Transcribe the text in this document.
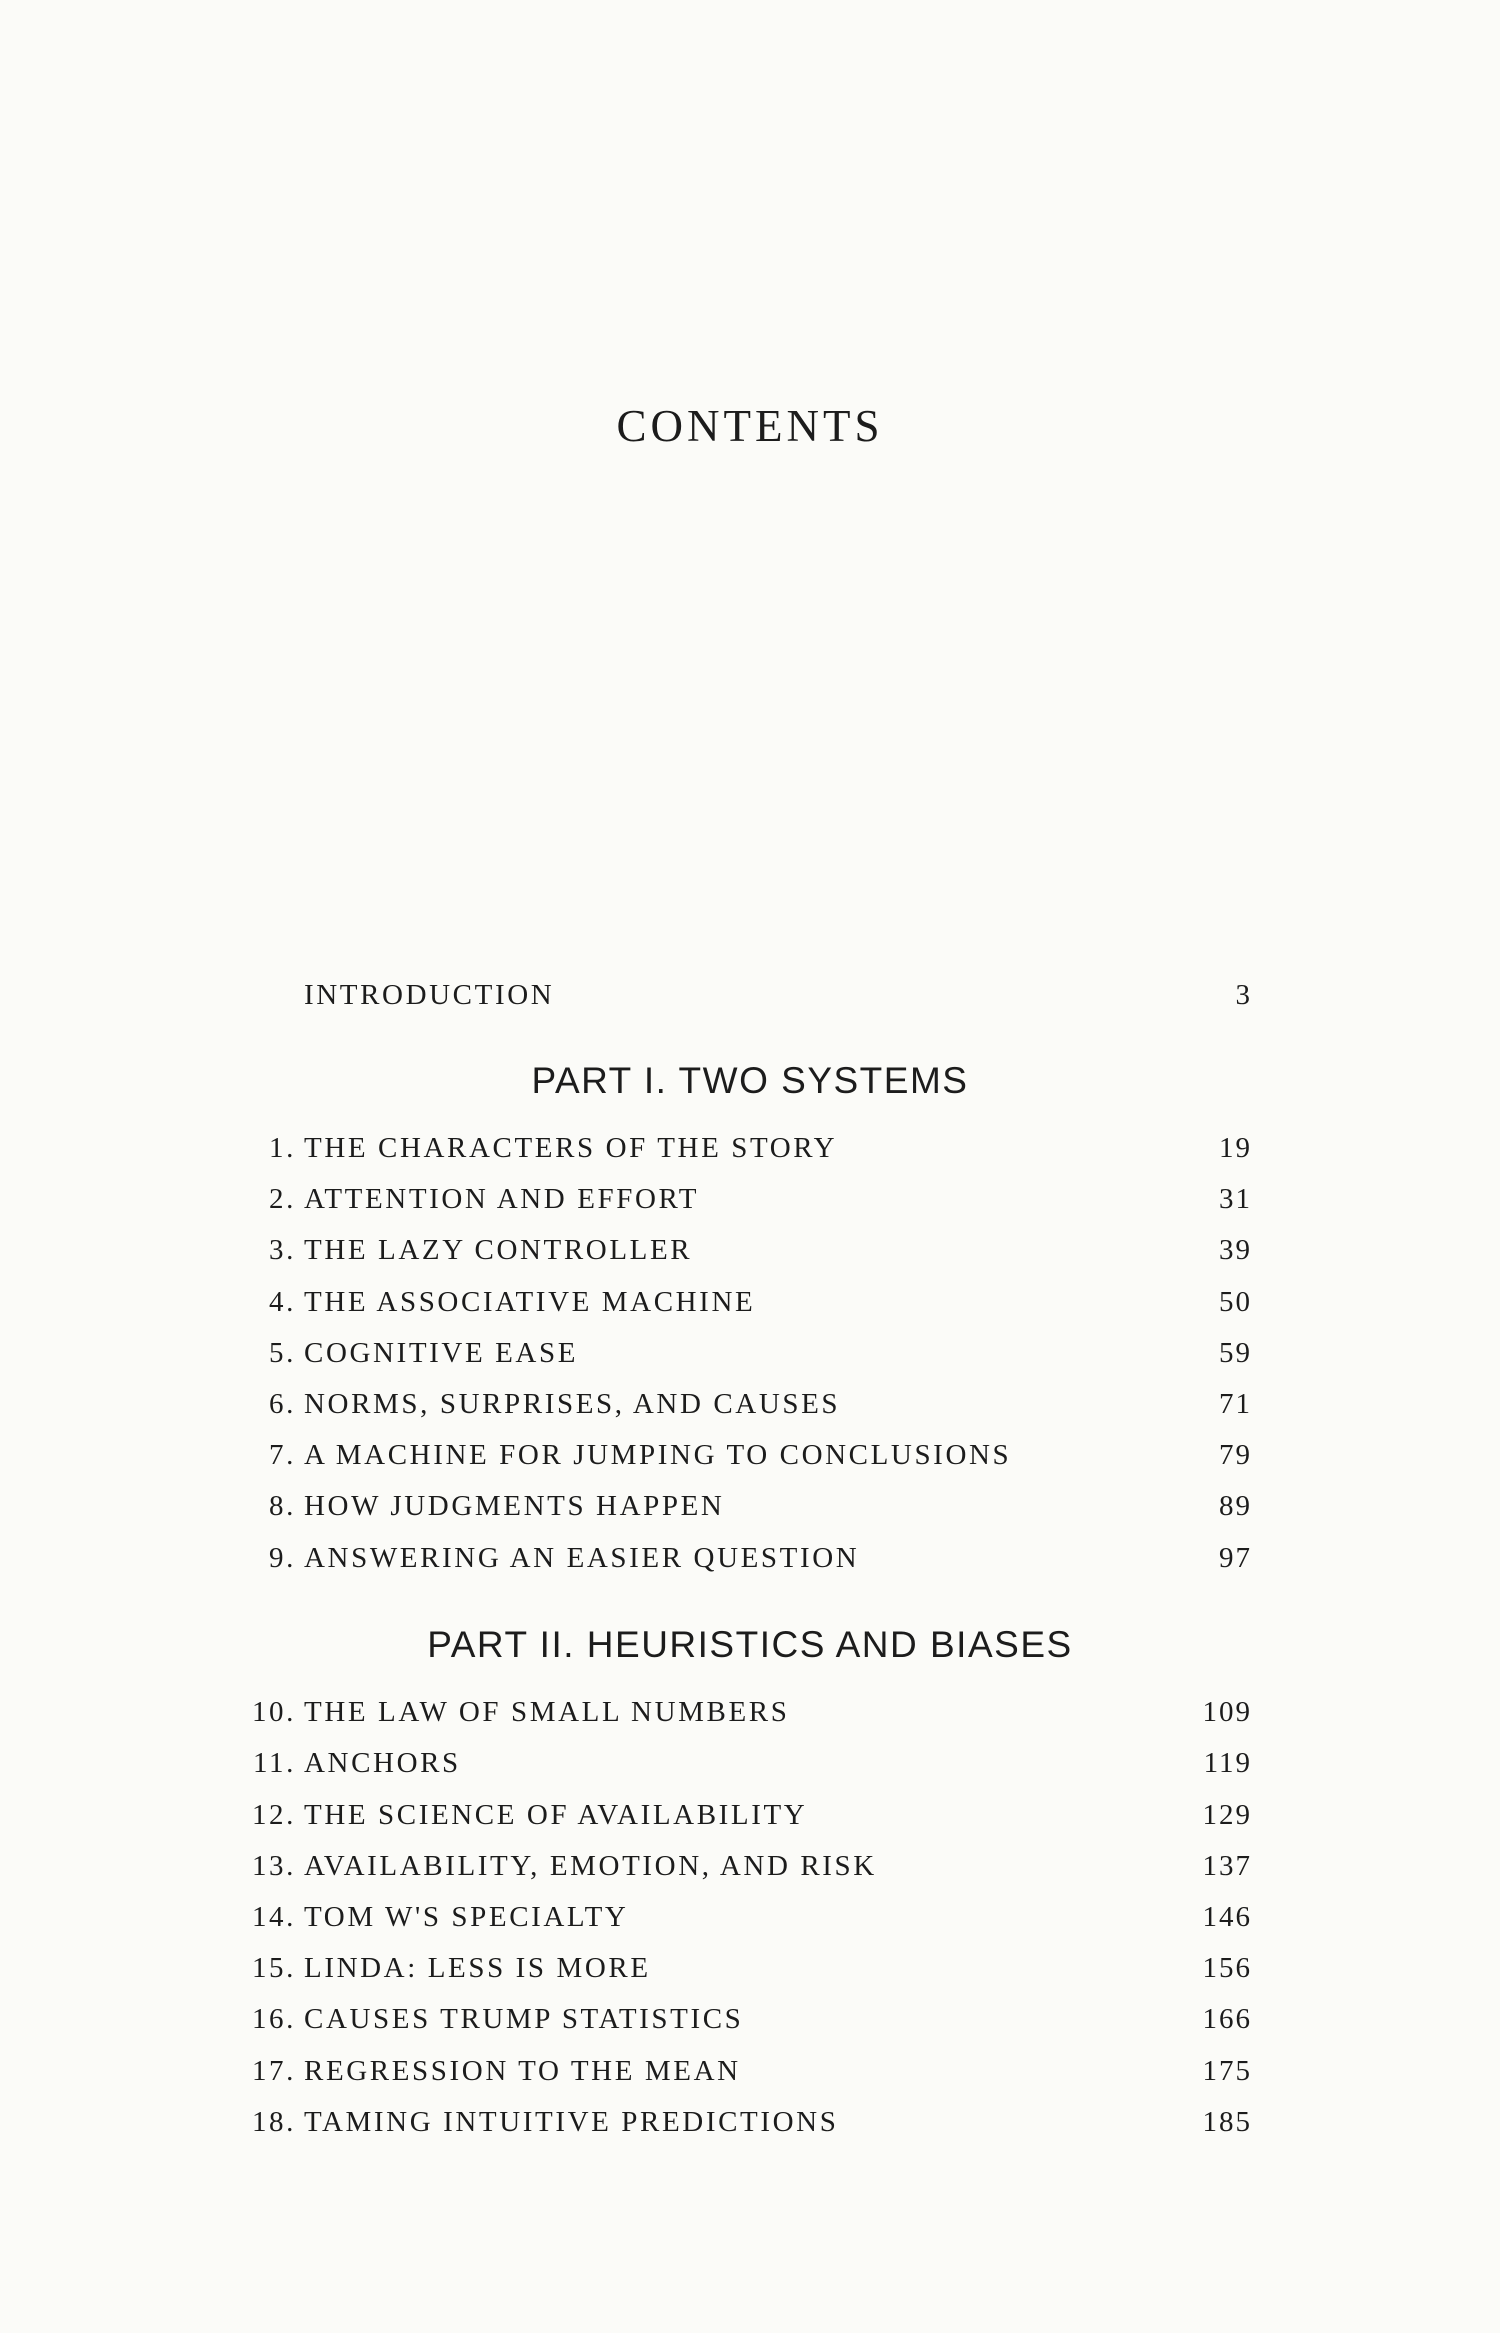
CONTENTS
INTRODUCTION	3
PART I. TWO SYSTEMS
1. THE CHARACTERS OF THE STORY	19
2. ATTENTION AND EFFORT	31
3. THE LAZY CONTROLLER	39
4. THE ASSOCIATIVE MACHINE	50
5. COGNITIVE EASE	59
6. NORMS, SURPRISES, AND CAUSES	71
7. A MACHINE FOR JUMPING TO CONCLUSIONS	79
8. HOW JUDGMENTS HAPPEN	89
9. ANSWERING AN EASIER QUESTION	97
PART II. HEURISTICS AND BIASES
10. THE LAW OF SMALL NUMBERS	109
11. ANCHORS	119
12. THE SCIENCE OF AVAILABILITY	129
13. AVAILABILITY, EMOTION, AND RISK	137
14. TOM W'S SPECIALTY	146
15. LINDA: LESS IS MORE	156
16. CAUSES TRUMP STATISTICS	166
17. REGRESSION TO THE MEAN	175
18. TAMING INTUITIVE PREDICTIONS	185
